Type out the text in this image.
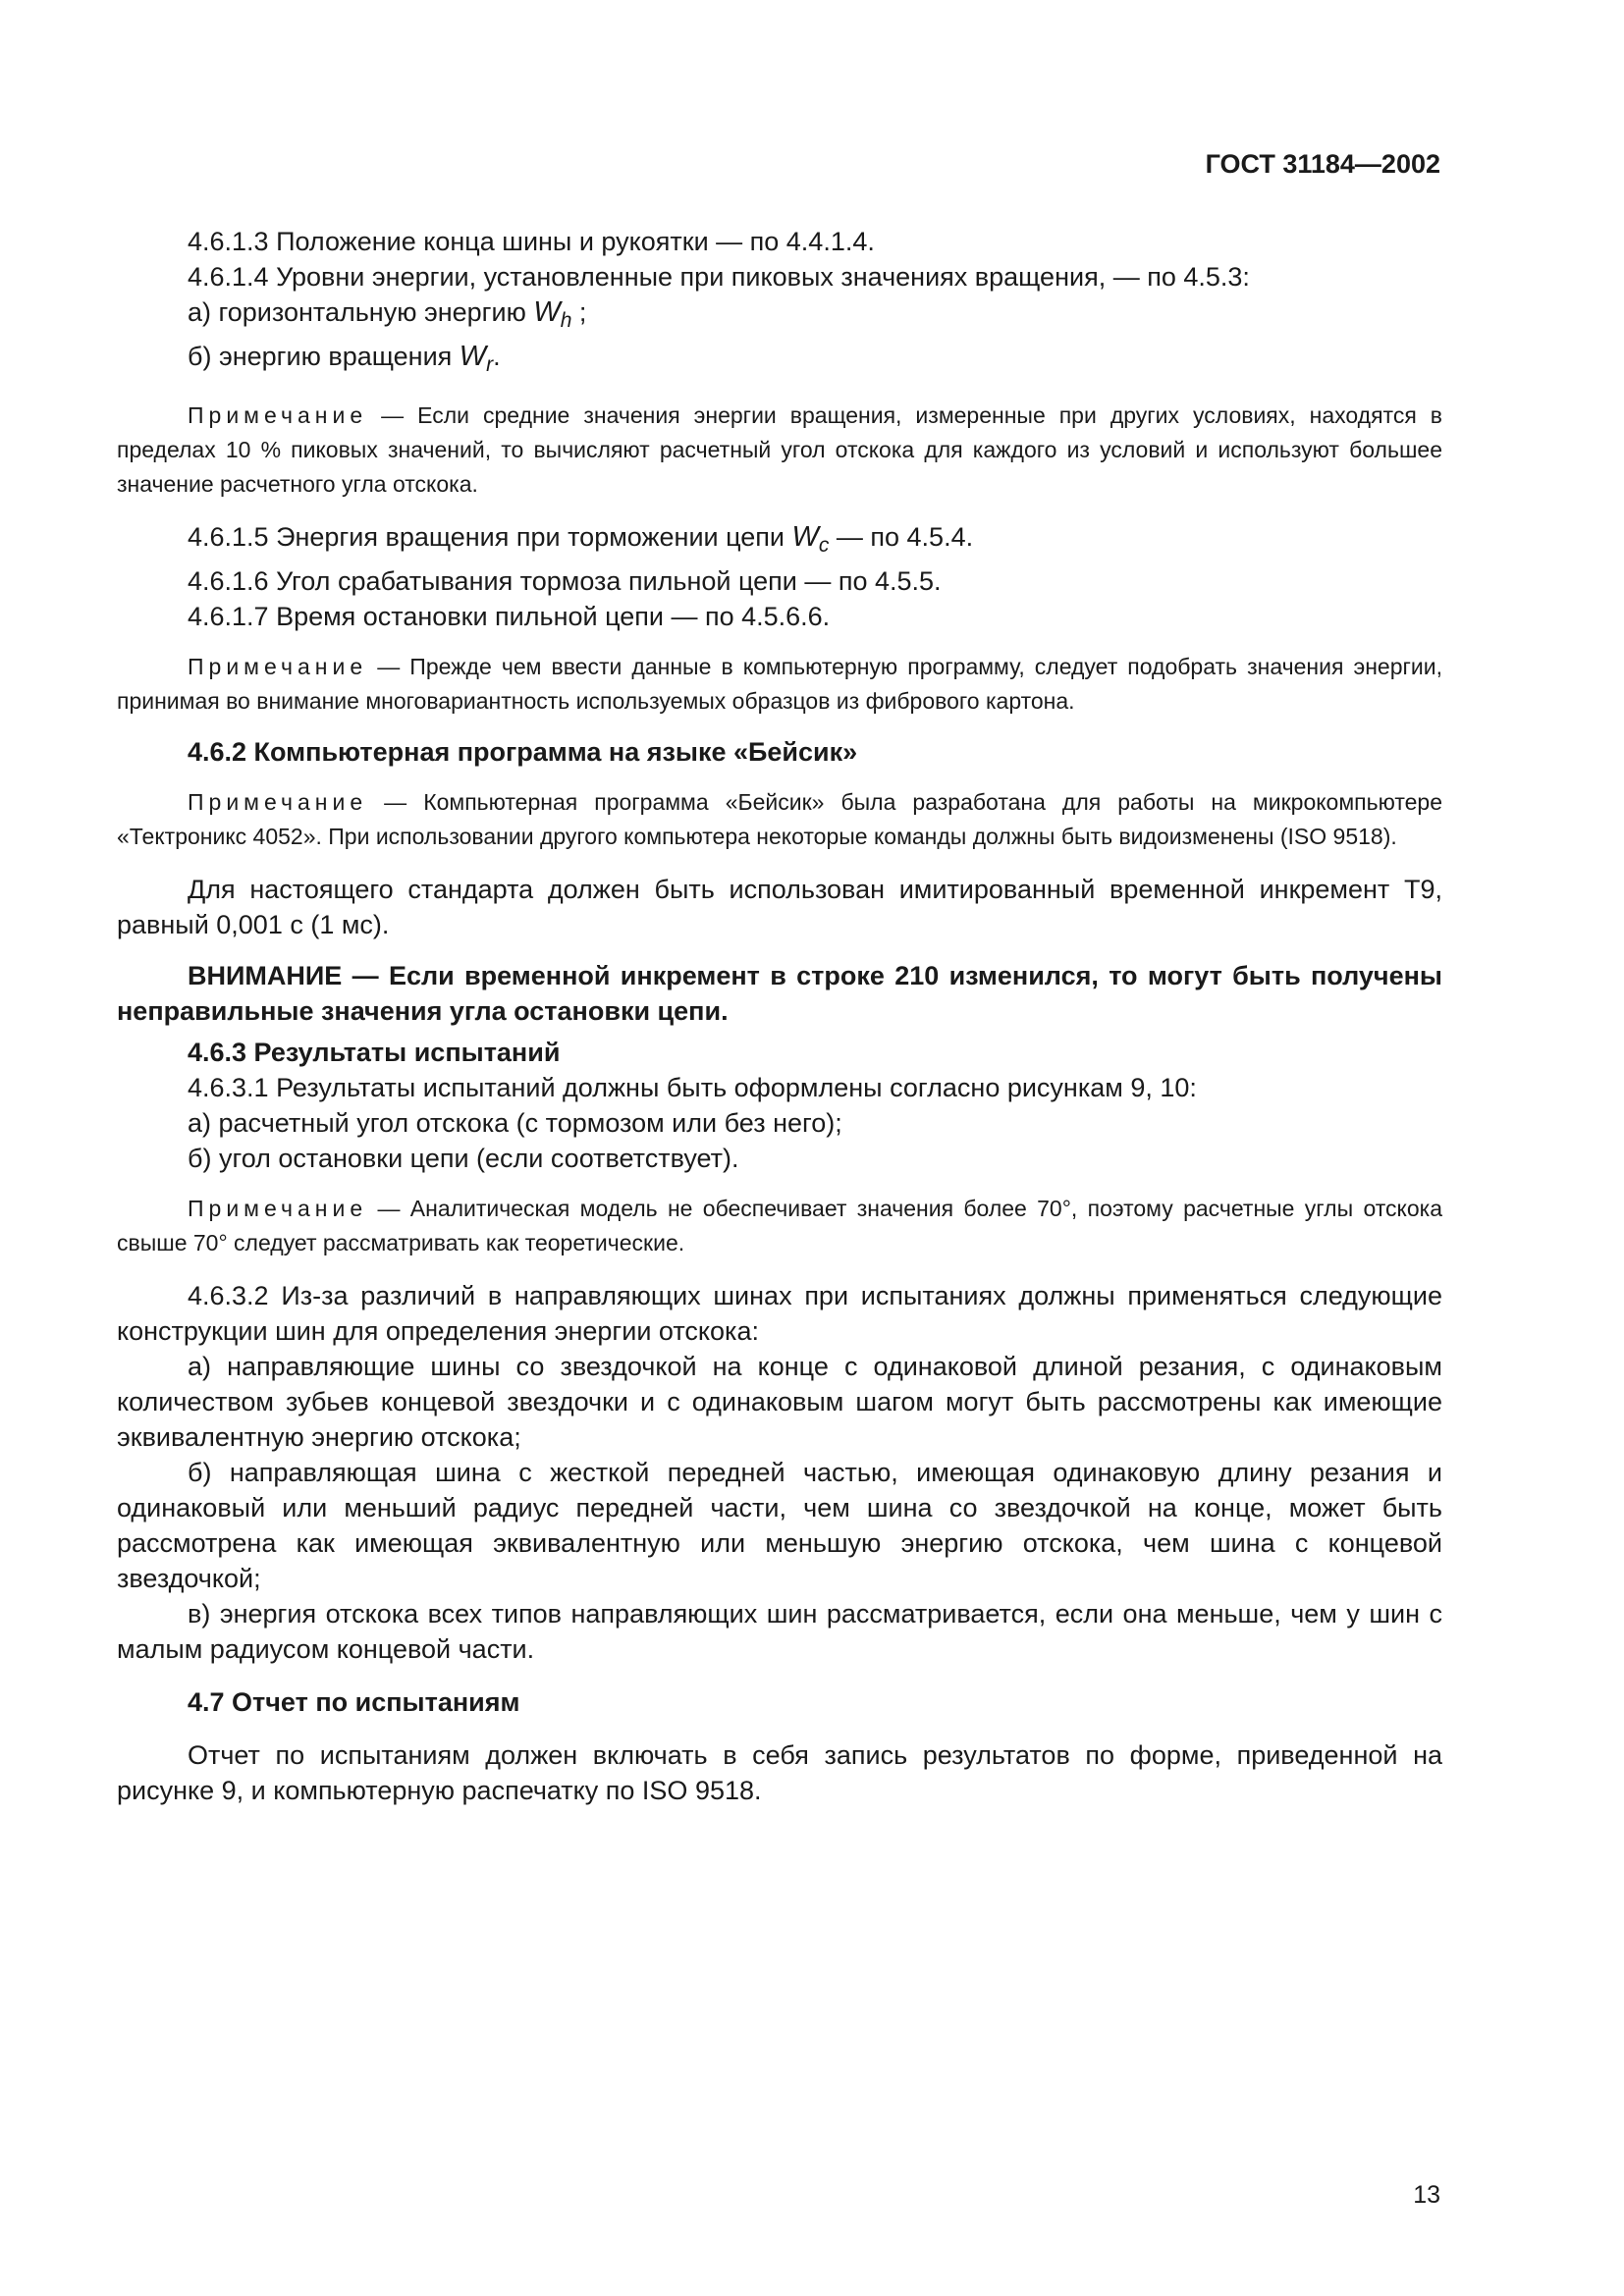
ГОСТ 31184—2002

4.6.1.3 Положение конца шины и рукоятки — по 4.4.1.4.

4.6.1.4 Уровни энергии, установленные при пиковых значениях вращения, — по 4.5.3:

а) горизонтальную энергию $W_h$ ;

б) энергию вращения $W_r$.

Примечание — Если средние значения энергии вращения, измеренные при других условиях, находятся в пределах 10 % пиковых значений, то вычисляют расчетный угол отскока для каждого из условий и используют большее значение расчетного угла отскока.

4.6.1.5 Энергия вращения при торможении цепи $W_c$ — по 4.5.4.

4.6.1.6 Угол срабатывания тормоза пильной цепи — по 4.5.5.

4.6.1.7 Время остановки пильной цепи — по 4.5.6.6.

Примечание — Прежде чем ввести данные в компьютерную программу, следует подобрать значения энергии, принимая во внимание многовариантность используемых образцов из фибрового картона.

4.6.2 Компьютерная программа на языке «Бейсик»

Примечание — Компьютерная программа «Бейсик» была разработана для работы на микрокомпьютере «Тектроникс 4052». При использовании другого компьютера некоторые команды должны быть видоизменены (ISO 9518).

Для настоящего стандарта должен быть использован имитированный временной инкремент Т9, равный 0,001 с (1 мс).

ВНИМАНИЕ — Если временной инкремент в строке 210 изменился, то могут быть получены неправильные значения угла остановки цепи.

4.6.3 Результаты испытаний

4.6.3.1 Результаты испытаний должны быть оформлены согласно рисункам 9, 10:

а) расчетный угол отскока (с тормозом или без него);

б) угол остановки цепи (если соответствует).

Примечание — Аналитическая модель не обеспечивает значения более 70°, поэтому расчетные углы отскока свыше 70° следует рассматривать как теоретические.

4.6.3.2 Из-за различий в направляющих шинах при испытаниях должны применяться следующие конструкции шин для определения энергии отскока:

а) направляющие шины со звездочкой на конце с одинаковой длиной резания, с одинаковым количеством зубьев концевой звездочки и с одинаковым шагом могут быть рассмотрены как имеющие эквивалентную энергию отскока;

б) направляющая шина с жесткой передней частью, имеющая одинаковую длину резания и одинаковый или меньший радиус передней части, чем шина со звездочкой на конце, может быть рассмотрена как имеющая эквивалентную или меньшую энергию отскока, чем шина с концевой звездочкой;

в) энергия отскока всех типов направляющих шин рассматривается, если она меньше, чем у шин с малым радиусом концевой части.

4.7 Отчет по испытаниям

Отчет по испытаниям должен включать в себя запись результатов по форме, приведенной на рисунке 9, и компьютерную распечатку по ISO 9518.

13
